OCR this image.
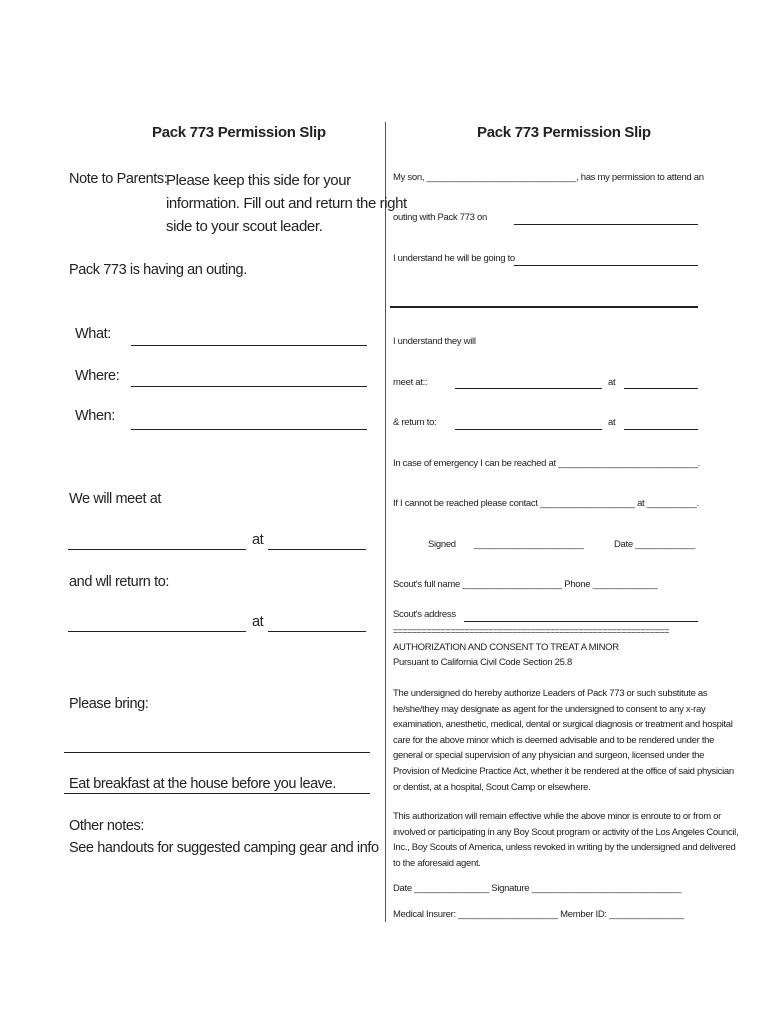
Pack 773 Permission Slip
Note to Parents:
Please keep this side for your
information. Fill out and return the right
side to your scout leader.
Pack 773 is having an outing.
What:
Where:
When:
We will meet at
at
and wll return to:
at
Please bring:
Eat breakfast at the house before you leave.
Other notes:
See handouts for suggested camping gear and info
Pack 773 Permission Slip
My son, ______________________________, has my permission to attend an
outing with Pack 773 on
I understand he will be going to
I understand they will
meet at::	at
& return to:	at
In case of emergency I can be reached at ____________________________.
If I cannot be reached please contact ___________________ at __________.
Signed ______________________	Date ____________
Scout's full name ____________________ Phone _____________
Scout's address
==========================================================
AUTHORIZATION AND CONSENT TO TREAT A MINOR
Pursuant to California Civil Code Section 25.8
The undersigned do hereby authorize Leaders of Pack 773 or such substitute as
he/she/they may designate as agent for the undersigned to consent to any x-ray
examination, anesthetic, medical, dental or surgical diagnosis or treatment and hospital
care for the above minor which is deemed advisable and to be rendered under the
general or special supervision of any physician and surgeon, licensed under the
Provision of Medicine Practice Act, whether it be rendered at the office of said physician
or dentist, at a hospital, Scout Camp or elsewhere.
This authorization will remain effective while the above minor is enroute to or from or
involved or participating in any Boy Scout program or activity of the Los Angeles Council,
Inc., Boy Scouts of America, unless revoked in writing by the undersigned and delivered
to the aforesaid agent.
Date _______________ Signature ______________________________
Medical Insurer: ____________________ Member ID: _______________
